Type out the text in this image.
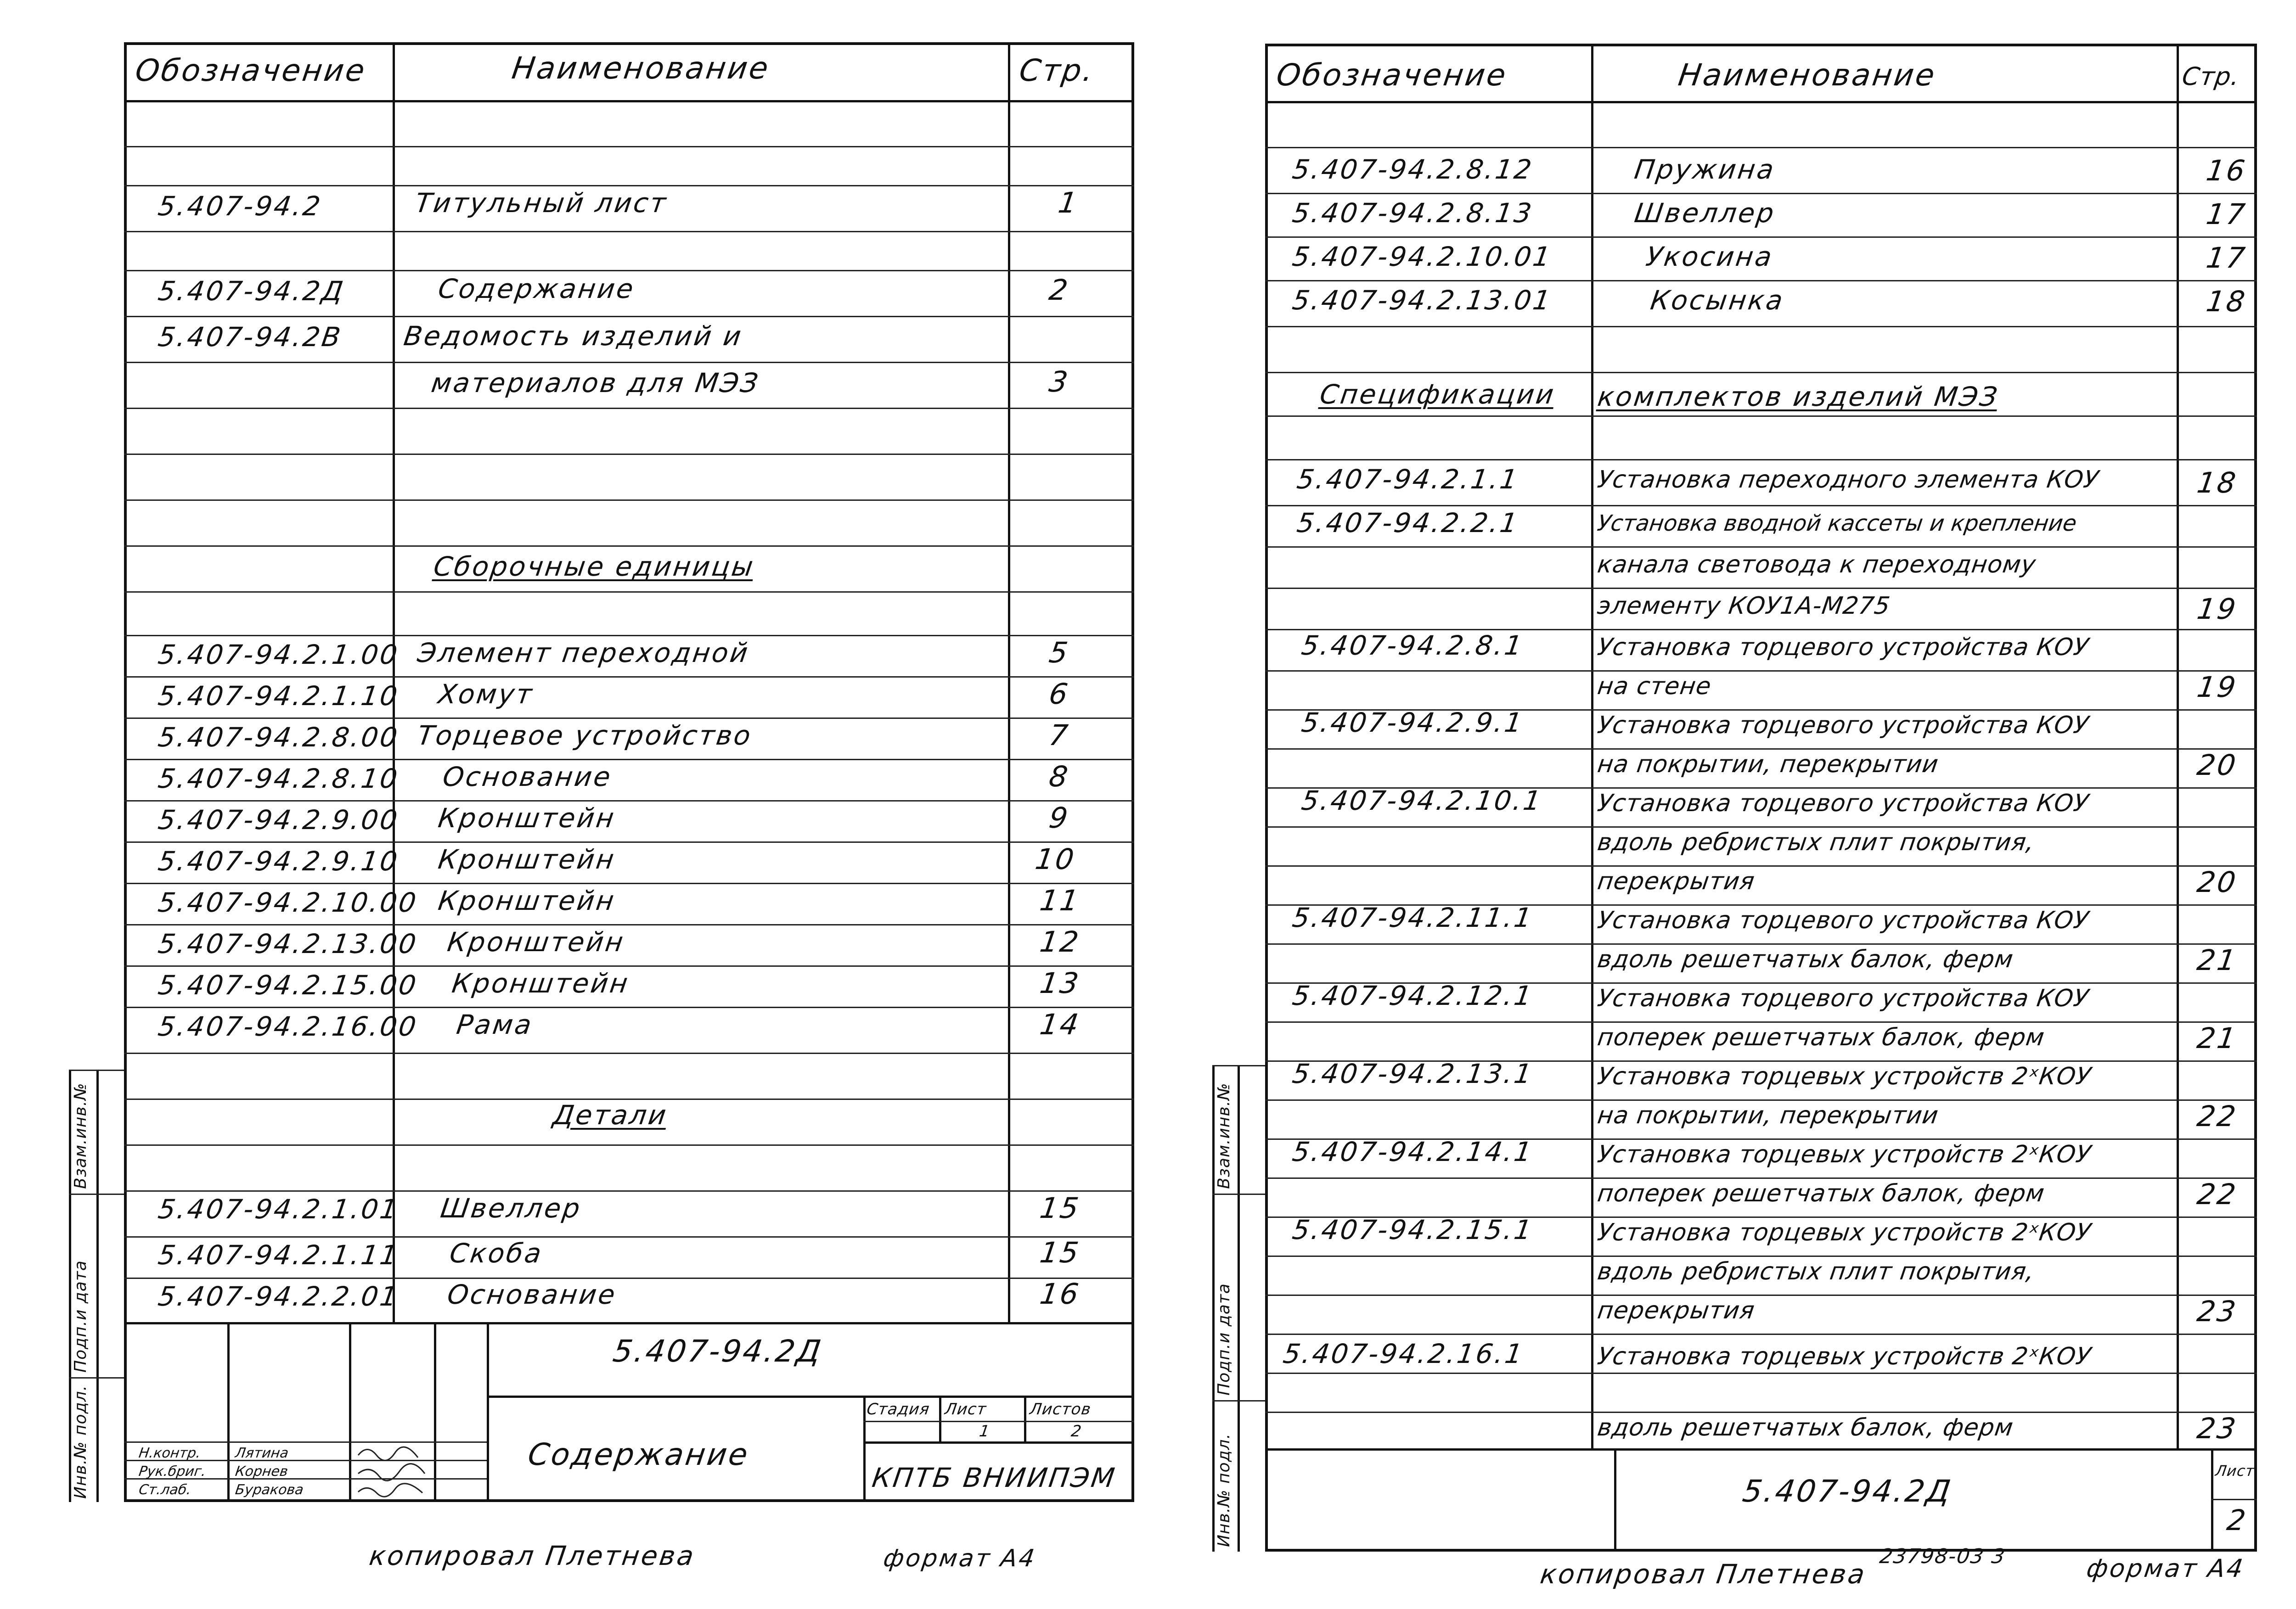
Обозначение	Наименование	Стр.
5.407-94.2	Титульный лист	1
5.407-94.2Д	Содержание	2
5.407-94.2В Ведомость изделий и
материалов для МЭЗ	3
Сборочные единицы
5.407-94.2.1.00 Элемент переходной	5
5.407-94.2.1.10 Хомут	6
5.407-94.2.8.00 Торцевое устройство	7
5.407-94.2.8.10 Основание	8
5.407-94.2.9.00 Кронштейн	9
5.407-94.2.9.10 Кронштейн	10
5.407-94.2.10.00 Кронштейн	11
5.407-94.2.13.00 Кронштейн	12
5.407-94.2.15.00 Кронштейн	13
5.407-94.2.16.00 Рама	14
Детали
5.407-94.2.1.01 Швеллер	15
5.407-94.2.1.11 Скоба	15
5.407-94.2.2.01 Основание	16
5.407-94.2Д
Содержание
Стадия Лист	Листов
1	2
КПТБ ВНИИПЭМ
Н.контр. Лятина
Рук.бриг. Корнев
Ст.лаб.	Буракова
Инв.№ подл.
Подп.и дата
Взам.инв.№
копировал Плетнева	формат А4
Обозначение	Наименование	Стр.
5.407-94.2.8.12	Пружина	16
5.407-94.2.8.13	Швеллер	17
5.407-94.2.10.01	Укосина	17
5.407-94.2.13.01	Косынка	18
Спецификации комплектов изделий МЭЗ
5.407-94.2.1.1	Установка переходного элемента КОУ	18
5.407-94.2.2.1	Установка вводной кассеты и крепление
канала световода к переходному
элементу КОУ1А-М275	19
5.407-94.2.8.1	Установка торцевого устройства КОУ
на стене	19
5.407-94.2.9.1	Установка торцевого устройства КОУ
на покрытии, перекрытии	20
5.407-94.2.10.1 Установка торцевого устройства КОУ
вдоль ребристых плит покрытия,
перекрытия	20
5.407-94.2.11.1	Установка торцевого устройства КОУ
вдоль решетчатых балок, ферм	21
5.407-94.2.12.1	Установка торцевого устройства КОУ
поперек решетчатых балок, ферм	21
5.407-94.2.13.1	Установка торцевых устройств 2ˣКОУ
на покрытии, перекрытии	22
5.407-94.2.14.1	Установка торцевых устройств 2ˣКОУ
поперек решетчатых балок, ферм	22
5.407-94.2.15.1	Установка торцевых устройств 2ˣКОУ
вдоль ребристых плит покрытия,
перекрытия	23
5.407-94.2.16.1	Установка торцевых устройств 2ˣКОУ
вдоль решетчатых балок, ферм	23
5.407-94.2Д
Лист
2
Инв.№ подл.
Подп.и дата
Взам.инв.№
копировал Плетнева
23798-03 3	формат А4
